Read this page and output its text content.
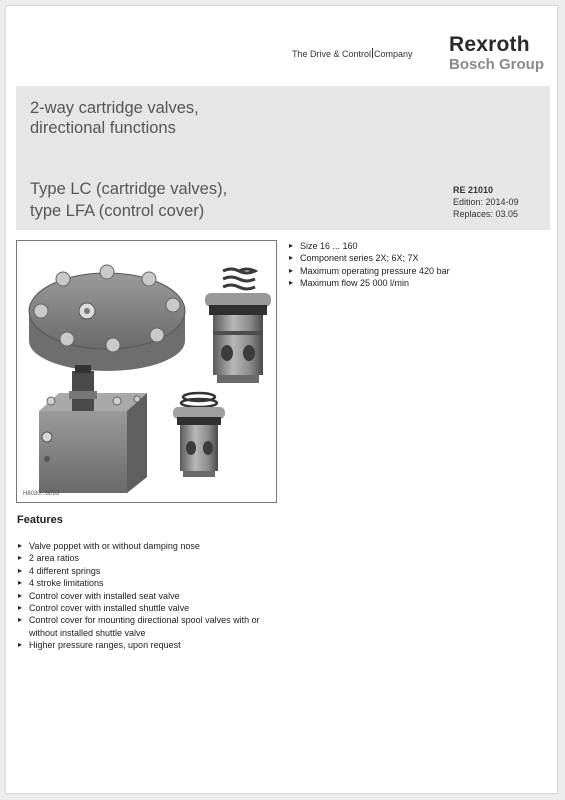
The Drive & Control Company Rexroth
Bosch Group
2-way cartridge valves,
directional functions
Type LC (cartridge valves),
type LFA (control cover)
RE 21010
Edition: 2014-09
Replaces: 03.05
H8030...8033
▸ Size 16 ... 160
▸ Component series 2X; 6X; 7X
▸ Maximum operating pressure 420 bar
▸ Maximum flow 25 000 l/min
Features
▸ Valve poppet with or without damping nose
▸ 2 area ratios
▸ 4 different springs
▸ 4 stroke limitations
▸ Control cover with installed seat valve
▸ Control cover with installed shuttle valve
▸ Control cover for mounting directional spool valves with or without installed shuttle valve
▸ Higher pressure ranges, upon request
